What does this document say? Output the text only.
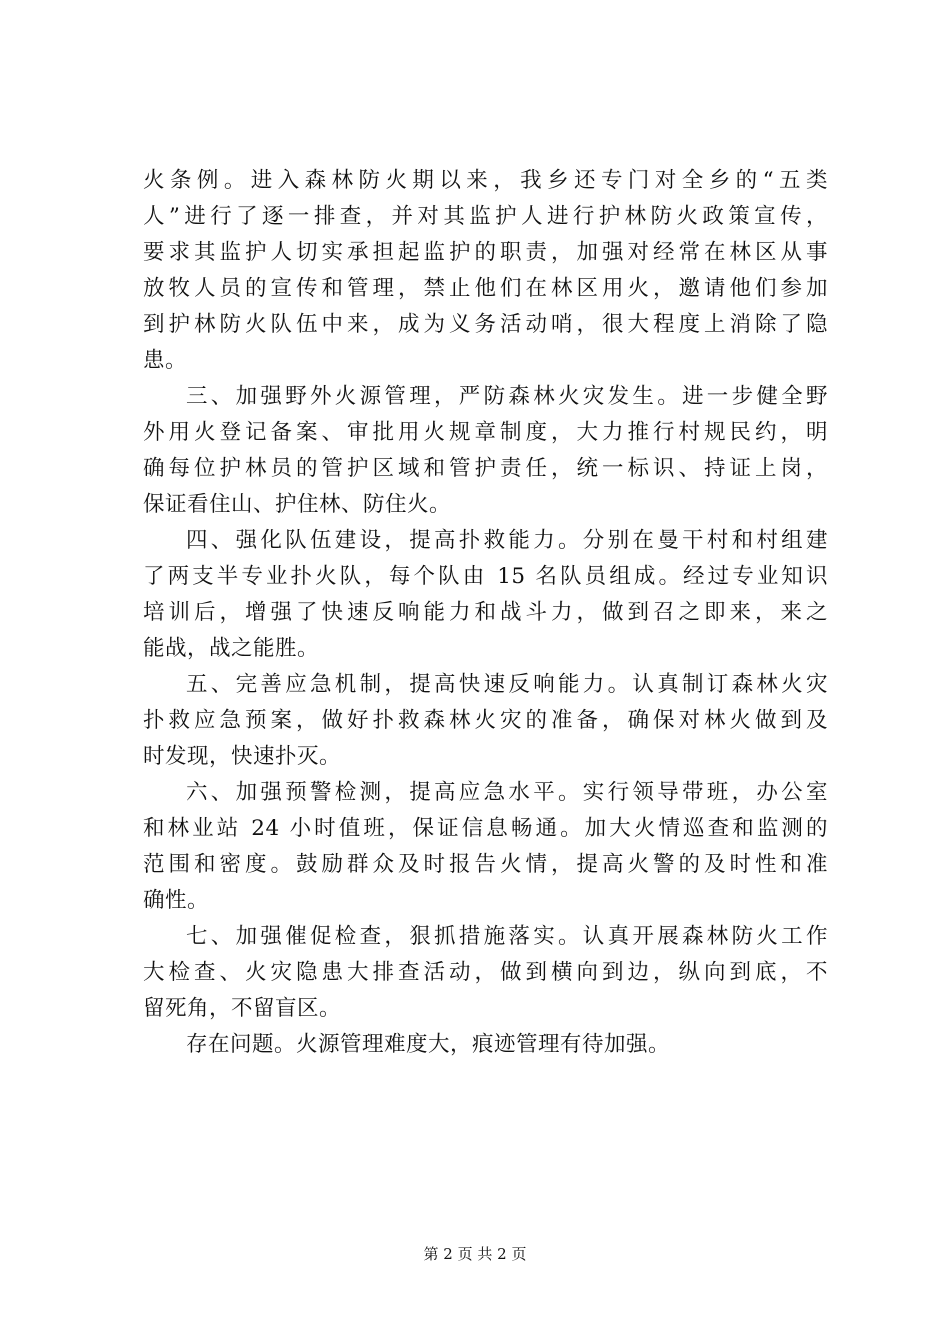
火条例。进入森林防火期以来，我乡还专门对全乡的“五类
人”进行了逐一排查，并对其监护人进行护林防火政策宣传，
要求其监护人切实承担起监护的职责，加强对经常在林区从事
放牧人员的宣传和管理，禁止他们在林区用火，邀请他们参加
到护林防火队伍中来，成为义务活动哨，很大程度上消除了隐
患。
三、加强野外火源管理，严防森林火灾发生。进一步健全野
外用火登记备案、审批用火规章制度，大力推行村规民约，明
确每位护林员的管护区域和管护责任，统一标识、持证上岗，
保证看住山、护住林、防住火。
四、强化队伍建设，提高扑救能力。分别在曼干村和村组建
了两支半专业扑火队，每个队由 15 名队员组成。经过专业知识
培训后，增强了快速反响能力和战斗力，做到召之即来，来之
能战，战之能胜。
五、完善应急机制，提高快速反响能力。认真制订森林火灾
扑救应急预案，做好扑救森林火灾的准备，确保对林火做到及
时发现，快速扑灭。
六、加强预警检测，提高应急水平。实行领导带班，办公室
和林业站 24 小时值班，保证信息畅通。加大火情巡查和监测的
范围和密度。鼓励群众及时报告火情，提高火警的及时性和准
确性。
七、加强催促检查，狠抓措施落实。认真开展森林防火工作
大检查、火灾隐患大排查活动，做到横向到边，纵向到底，不
留死角，不留盲区。
存在问题。火源管理难度大，痕迹管理有待加强。
第 2 页 共 2 页
